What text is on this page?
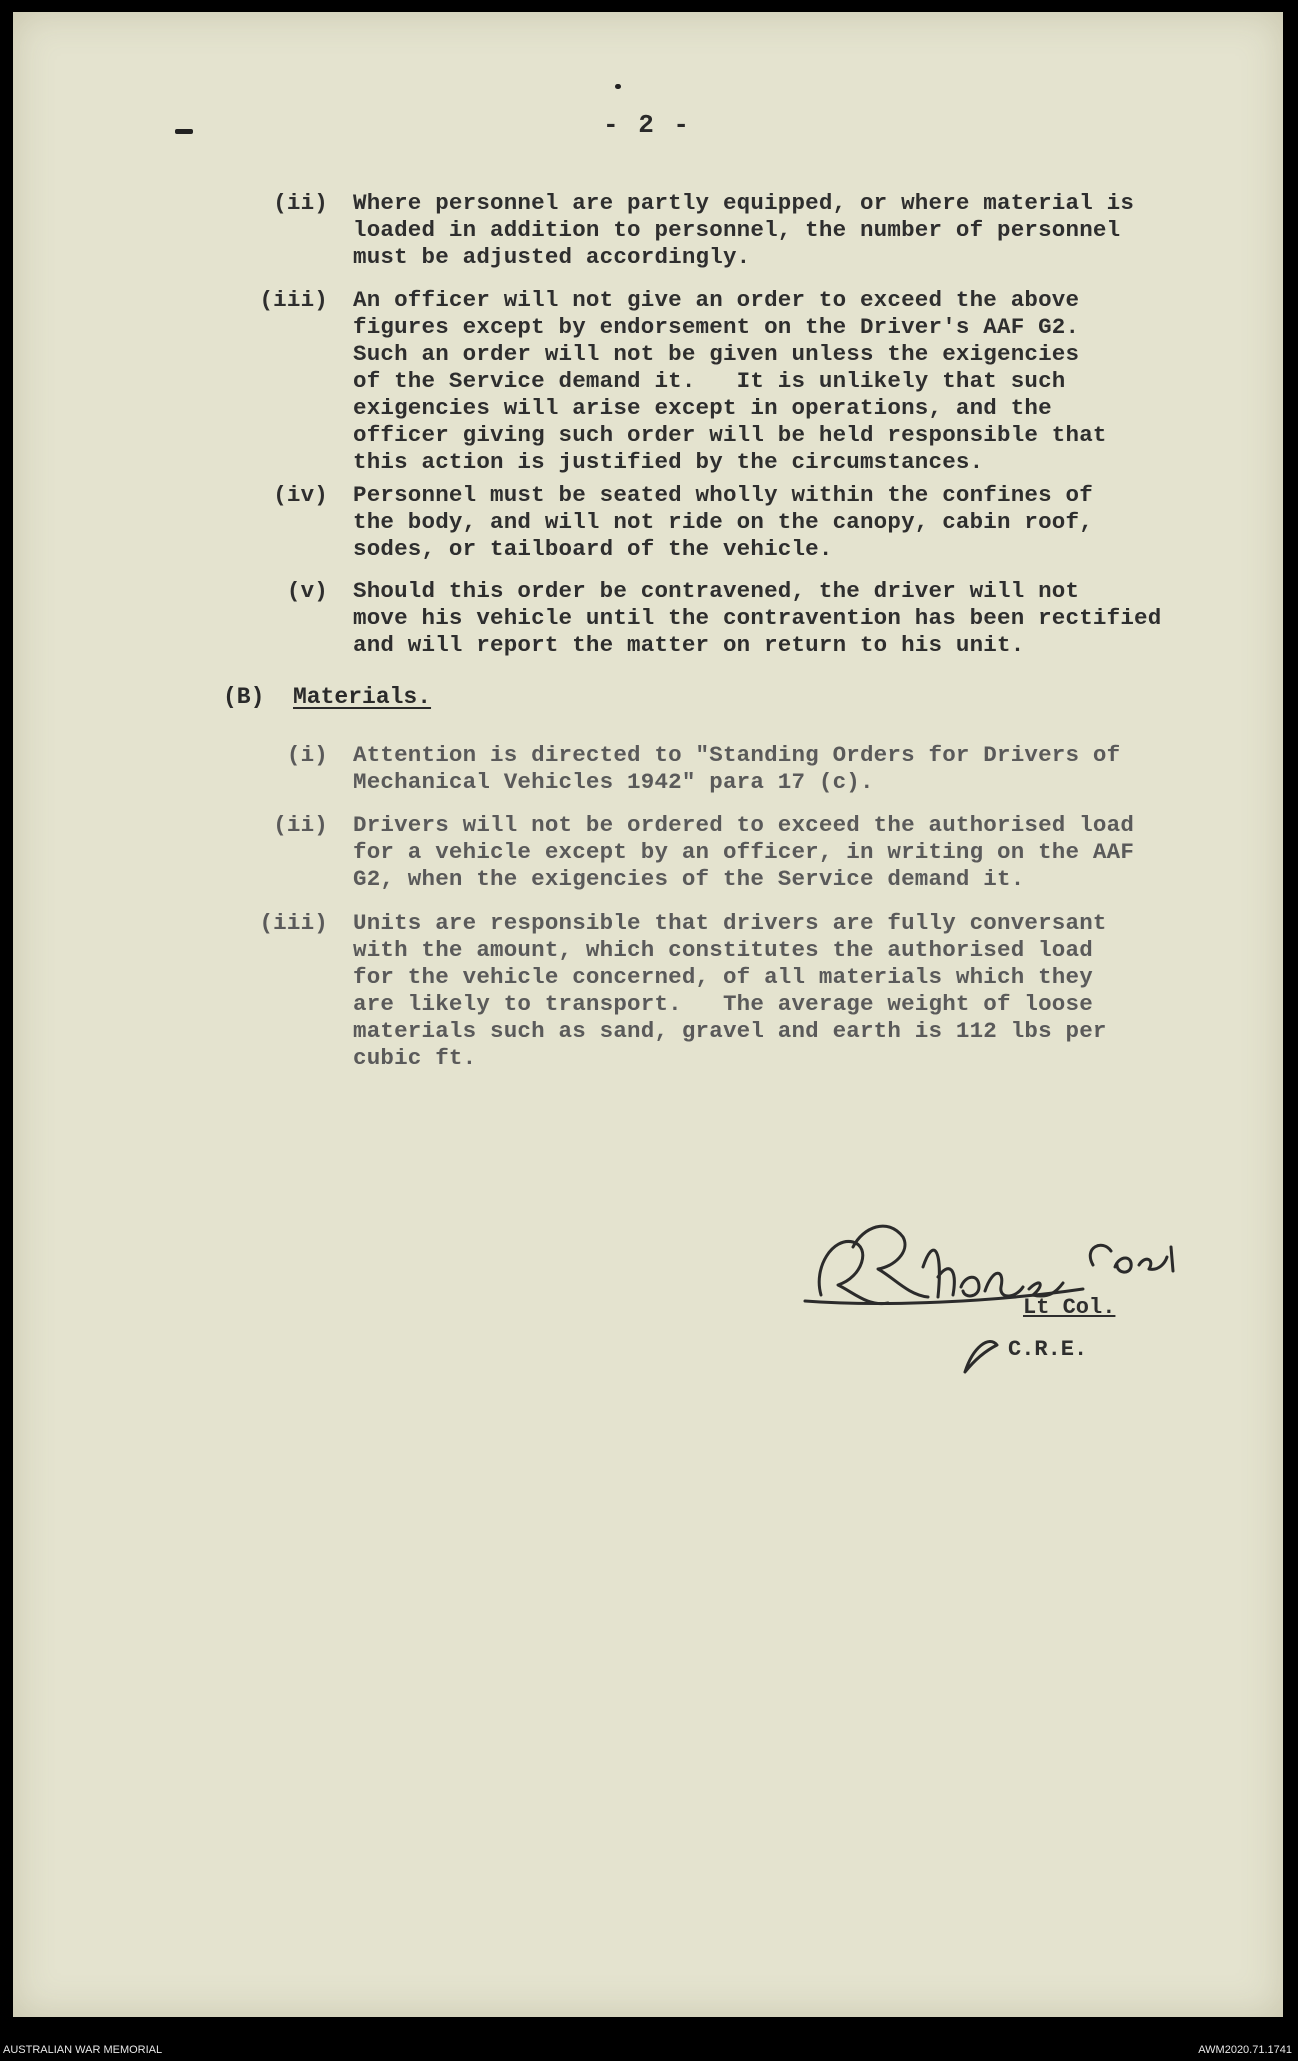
- 2 -
(ii) Where personnel are partly equipped, or where material is
loaded in addition to personnel, the number of personnel
must be adjusted accordingly.
(iii) An officer will not give an order to exceed the above
figures except by endorsement on the Driver's AAF G2.
Such an order will not be given unless the exigencies
of the Service demand it.   It is unlikely that such
exigencies will arise except in operations, and the
officer giving such order will be held responsible that
this action is justified by the circumstances.
(iv) Personnel must be seated wholly within the confines of
the body, and will not ride on the canopy, cabin roof,
sodes, or tailboard of the vehicle.
(v) Should this order be contravened, the driver will not
move his vehicle until the contravention has been rectified
and will report the matter on return to his unit.
(B) Materials.
(i) Attention is directed to "Standing Orders for Drivers of
Mechanical Vehicles 1942" para 17 (c).
(ii) Drivers will not be ordered to exceed the authorised load
for a vehicle except by an officer, in writing on the AAF
G2, when the exigencies of the Service demand it.
(iii) Units are responsible that drivers are fully conversant
with the amount, which constitutes the authorised load
for the vehicle concerned, of all materials which they
are likely to transport.   The average weight of loose
materials such as sand, gravel and earth is 112 lbs per
cubic ft.
Lt Col.
C.R.E.
AUSTRALIAN WAR MEMORIAL	AWM2020.71.1741
